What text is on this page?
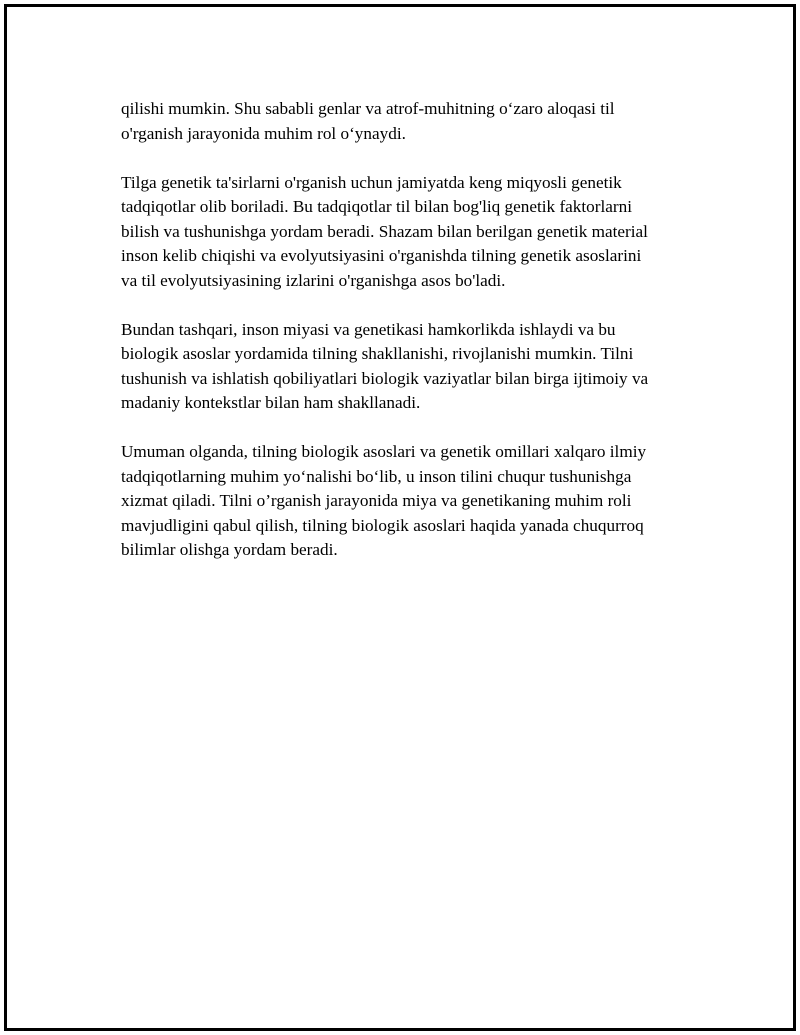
qilishi mumkin. Shu sababli genlar va atrof-muhitning o‘zaro aloqasi til
o'rganish jarayonida muhim rol o‘ynaydi.

Tilga genetik ta'sirlarni o'rganish uchun jamiyatda keng miqyosli genetik
tadqiqotlar olib boriladi. Bu tadqiqotlar til bilan bog'liq genetik faktorlarni
bilish va tushunishga yordam beradi. Shazam bilan berilgan genetik material
inson kelib chiqishi va evolyutsiyasini o'rganishda tilning genetik asoslarini
va til evolyutsiyasining izlarini o'rganishga asos bo'ladi.

Bundan tashqari, inson miyasi va genetikasi hamkorlikda ishlaydi va bu
biologik asoslar yordamida tilning shakllanishi, rivojlanishi mumkin. Tilni
tushunish va ishlatish qobiliyatlari biologik vaziyatlar bilan birga ijtimoiy va
madaniy kontekstlar bilan ham shakllanadi.

Umuman olganda, tilning biologik asoslari va genetik omillari xalqaro ilmiy
tadqiqotlarning muhim yo‘nalishi bo‘lib, u inson tilini chuqur tushunishga
xizmat qiladi. Tilni o’rganish jarayonida miya va genetikaning muhim roli
mavjudligini qabul qilish, tilning biologik asoslari haqida yanada chuqurroq
bilimlar olishga yordam beradi.
